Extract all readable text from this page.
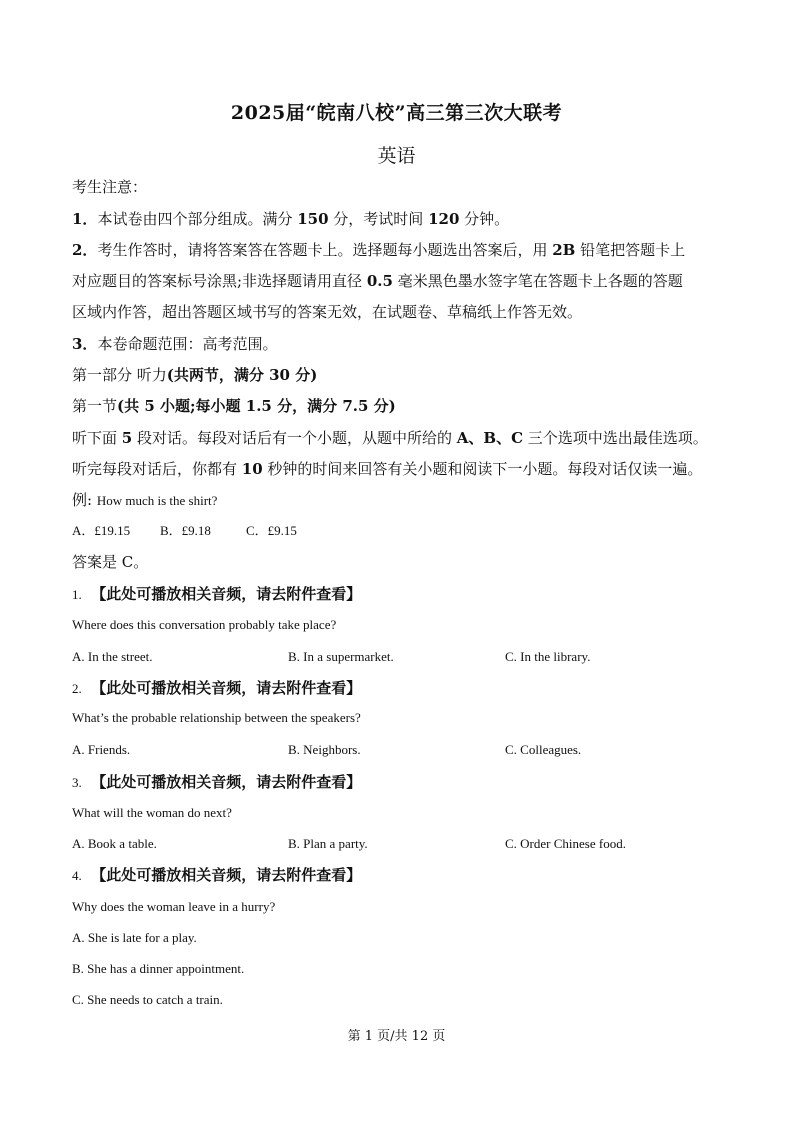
2025届“皖南八校”高三第三次大联考
英语
考生注意：
1．本试卷由四个部分组成。满分 150 分，考试时间 120 分钟。
2．考生作答时，请将答案答在答题卡上。选择题每小题选出答案后，用 2B 铅笔把答题卡上
对应题目的答案标号涂黑;非选择题请用直径 0.5 毫米黑色墨水签字笔在答题卡上各题的答题
区域内作答，超出答题区域书写的答案无效，在试题卷、草稿纸上作答无效。
3．本卷命题范围：高考范围。
第一部分 听力(共两节，满分 30 分)
第一节(共 5 小题;每小题 1.5 分，满分 7.5 分)
听下面 5 段对话。每段对话后有一个小题，从题中所给的 A、B、C 三个选项中选出最佳选项。
听完每段对话后，你都有 10 秒钟的时间来回答有关小题和阅读下一小题。每段对话仅读一遍。
例: How much is the shirt?
A．£19.15 B．£9.18	C．£9.15
答案是 C。
1. 【此处可播放相关音频，请去附件查看】
Where does this conversation probably take place?
A. In the street.	B. In a supermarket.	C. In the library.
2. 【此处可播放相关音频，请去附件查看】
What’s the probable relationship between the speakers?
A. Friends.	B. Neighbors.	C. Colleagues.
3. 【此处可播放相关音频，请去附件查看】
What will the woman do next?
A. Book a table.	B. Plan a party.	C. Order Chinese food.
4. 【此处可播放相关音频，请去附件查看】
Why does the woman leave in a hurry?
A. She is late for a play.
B. She has a dinner appointment.
C. She needs to catch a train.
第 1 页/共 12 页
